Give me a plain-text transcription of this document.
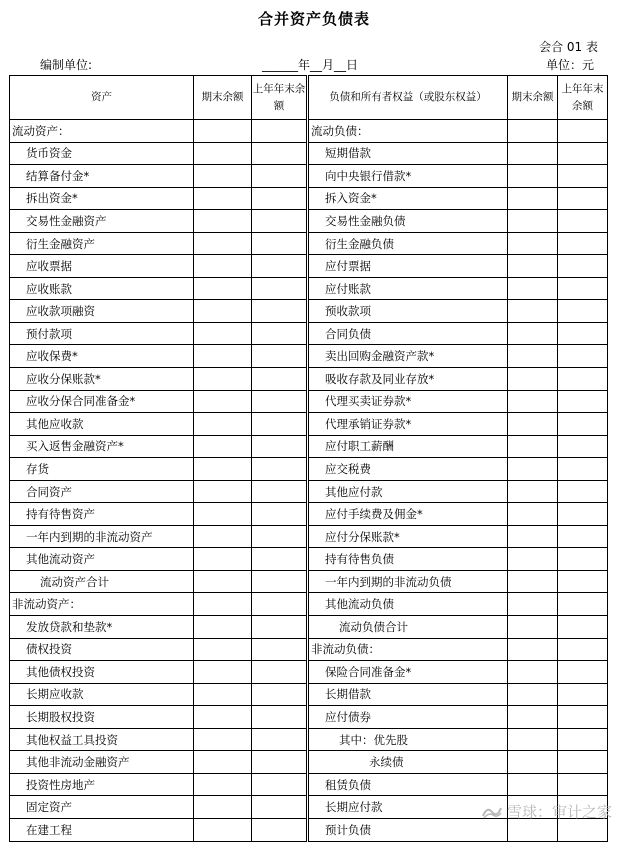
合并资产负债表
会合 01 表
编制单位:	______年__月__日	单位：元
资产	期末余额	上年年末余额	负债和所有者权益（或股东权益）	期末余额	上年年末余额
流动资产：			流动负债：		
货币资金			短期借款		
结算备付金*			向中央银行借款*		
拆出资金*			拆入资金*		
交易性金融资产			交易性金融负债		
衍生金融资产			衍生金融负债		
应收票据			应付票据		
应收账款			应付账款		
应收款项融资			预收款项		
预付款项			合同负债		
应收保费*			卖出回购金融资产款*		
应收分保账款*			吸收存款及同业存放*		
应收分保合同准备金*			代理买卖证券款*		
其他应收款			代理承销证券款*		
买入返售金融资产*			应付职工薪酬		
存货			应交税费		
合同资产			其他应付款		
持有待售资产			应付手续费及佣金*		
一年内到期的非流动资产			应付分保账款*		
其他流动资产			持有待售负债		
流动资产合计			一年内到期的非流动负债		
非流动资产：			其他流动负债		
发放贷款和垫款*			流动负债合计		
债权投资			非流动负债：		
其他债权投资			保险合同准备金*		
长期应收款			长期借款		
长期股权投资			应付债券		
其他权益工具投资			其中：优先股		
其他非流动金融资产			永续债		
投资性房地产			租赁负债		
固定资产			长期应付款		
在建工程			预计负债		
雪球：审计之家
